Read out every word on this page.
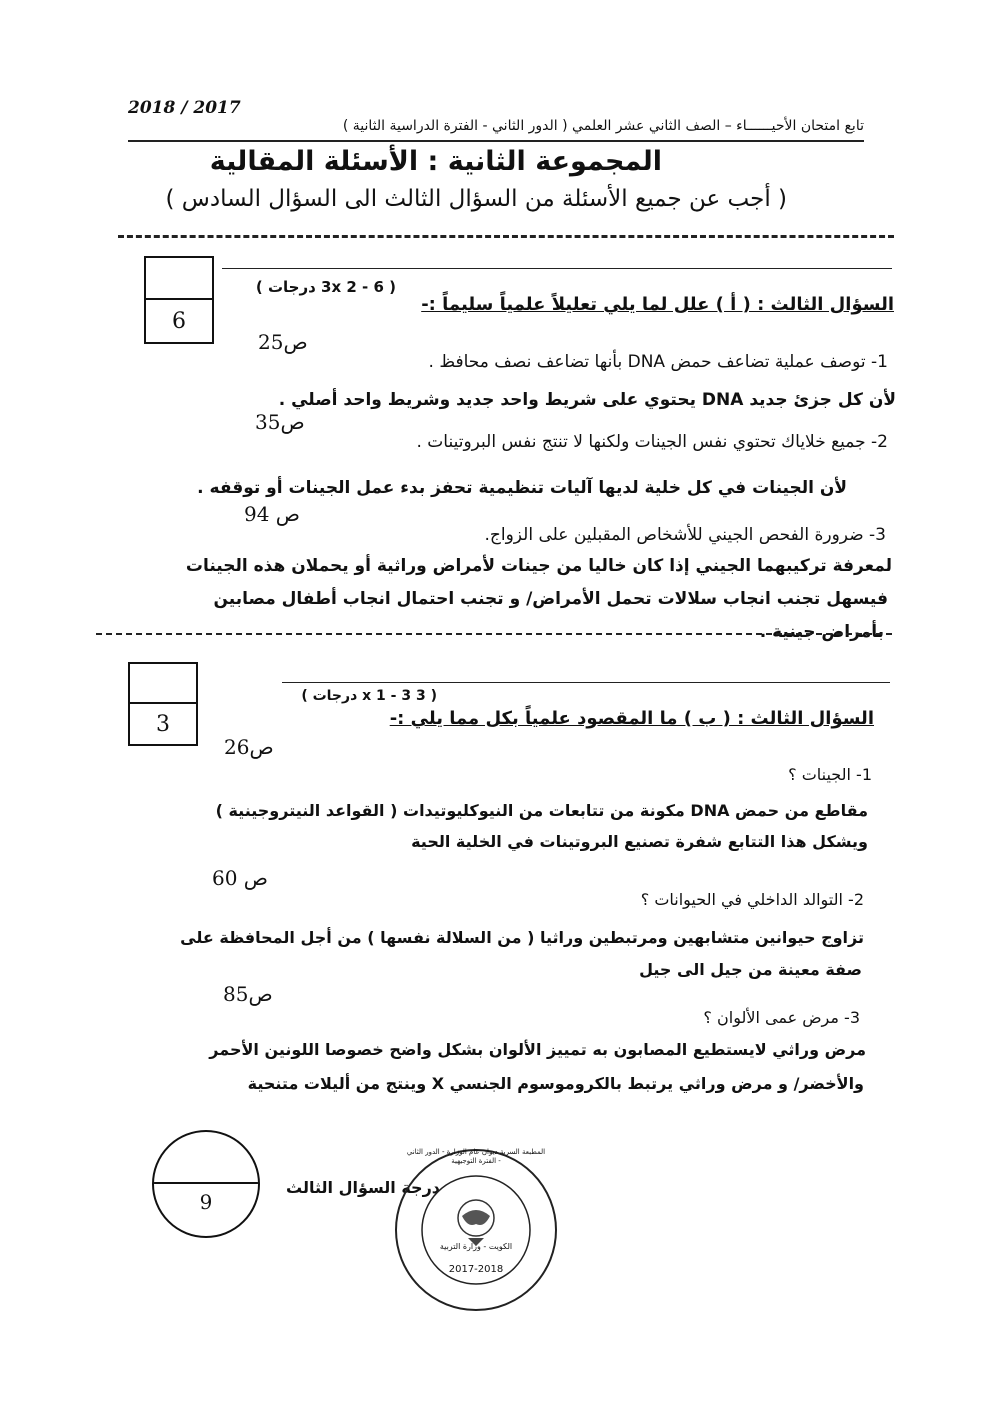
2018 / 2017
تابع امتحان الأحيــــــاء – الصف الثاني عشر العلمي ( الدور الثاني - الفترة الدراسية الثانية )
المجموعة الثانية : الأسئلة المقالية
( أجب عن جميع الأسئلة من السؤال الثالث الى السؤال السادس )
6
( 3x 2 - 6 درجات )
السؤال الثالث : ( أ ) علل لما يلي تعليلاً علمياً سليماً :-
ص25
1- توصف عملية تضاعف حمض DNA بأنها تضاعف نصف محافظ .
لأن كل جزئ جديد DNA يحتوي على شريط واحد جديد وشريط واحد أصلي .
ص35
2- جميع خلاياك تحتوي نفس الجينات ولكنها لا تنتج نفس البروتينات .
لأن الجينات في كل خلية لديها آليات تنظيمية تحفز بدء عمل الجينات أو توقفه .
ص 94
3- ضرورة الفحص الجيني للأشخاص المقبلين على الزواج.
لمعرفة تركيبهما الجيني إذا كان خاليا من جينات لأمراض وراثية أو يحملان هذه الجينات
فيسهل تجنب انجاب سلالات تحمل الأمراض/ و تجنب احتمال انجاب أطفال مصابين
بأمراض جينية .
3
( 3 x 1 - 3 درجات )
السؤال الثالث : ( ب ) ما المقصود علمياً بكل مما يلي :-
ص26
1- الجينات ؟
مقاطع من حمض DNA مكونة من تتابعات من النيوكليوتيدات ( القواعد النيتروجينية )
ويشكل هذا التتابع شفرة تصنيع البروتينات في الخلية الحية
ص 60
2- التوالد الداخلي في الحيوانات ؟
تزاوج حيوانين متشابهين ومرتبطين وراثيا ( من السلالة نفسها ) من أجل المحافظة على
صفة معينة من جيل الى جيل
ص85
3- مرض عمى الألوان ؟
مرض وراثي لايستطيع المصابون به تمييز الألوان بشكل واضح خصوصا اللونين الأحمر
والأخضر/ و مرض وراثي يرتبط بالكروموسوم الجنسي X وينتج من أليلات متنحية
9
درجة السؤال الثالث
المطبعة السرية ديوان عام الوزارة - الدور الثاني - الفترة التوجيهية
الكويت - وزارة التربية
2017-2018
